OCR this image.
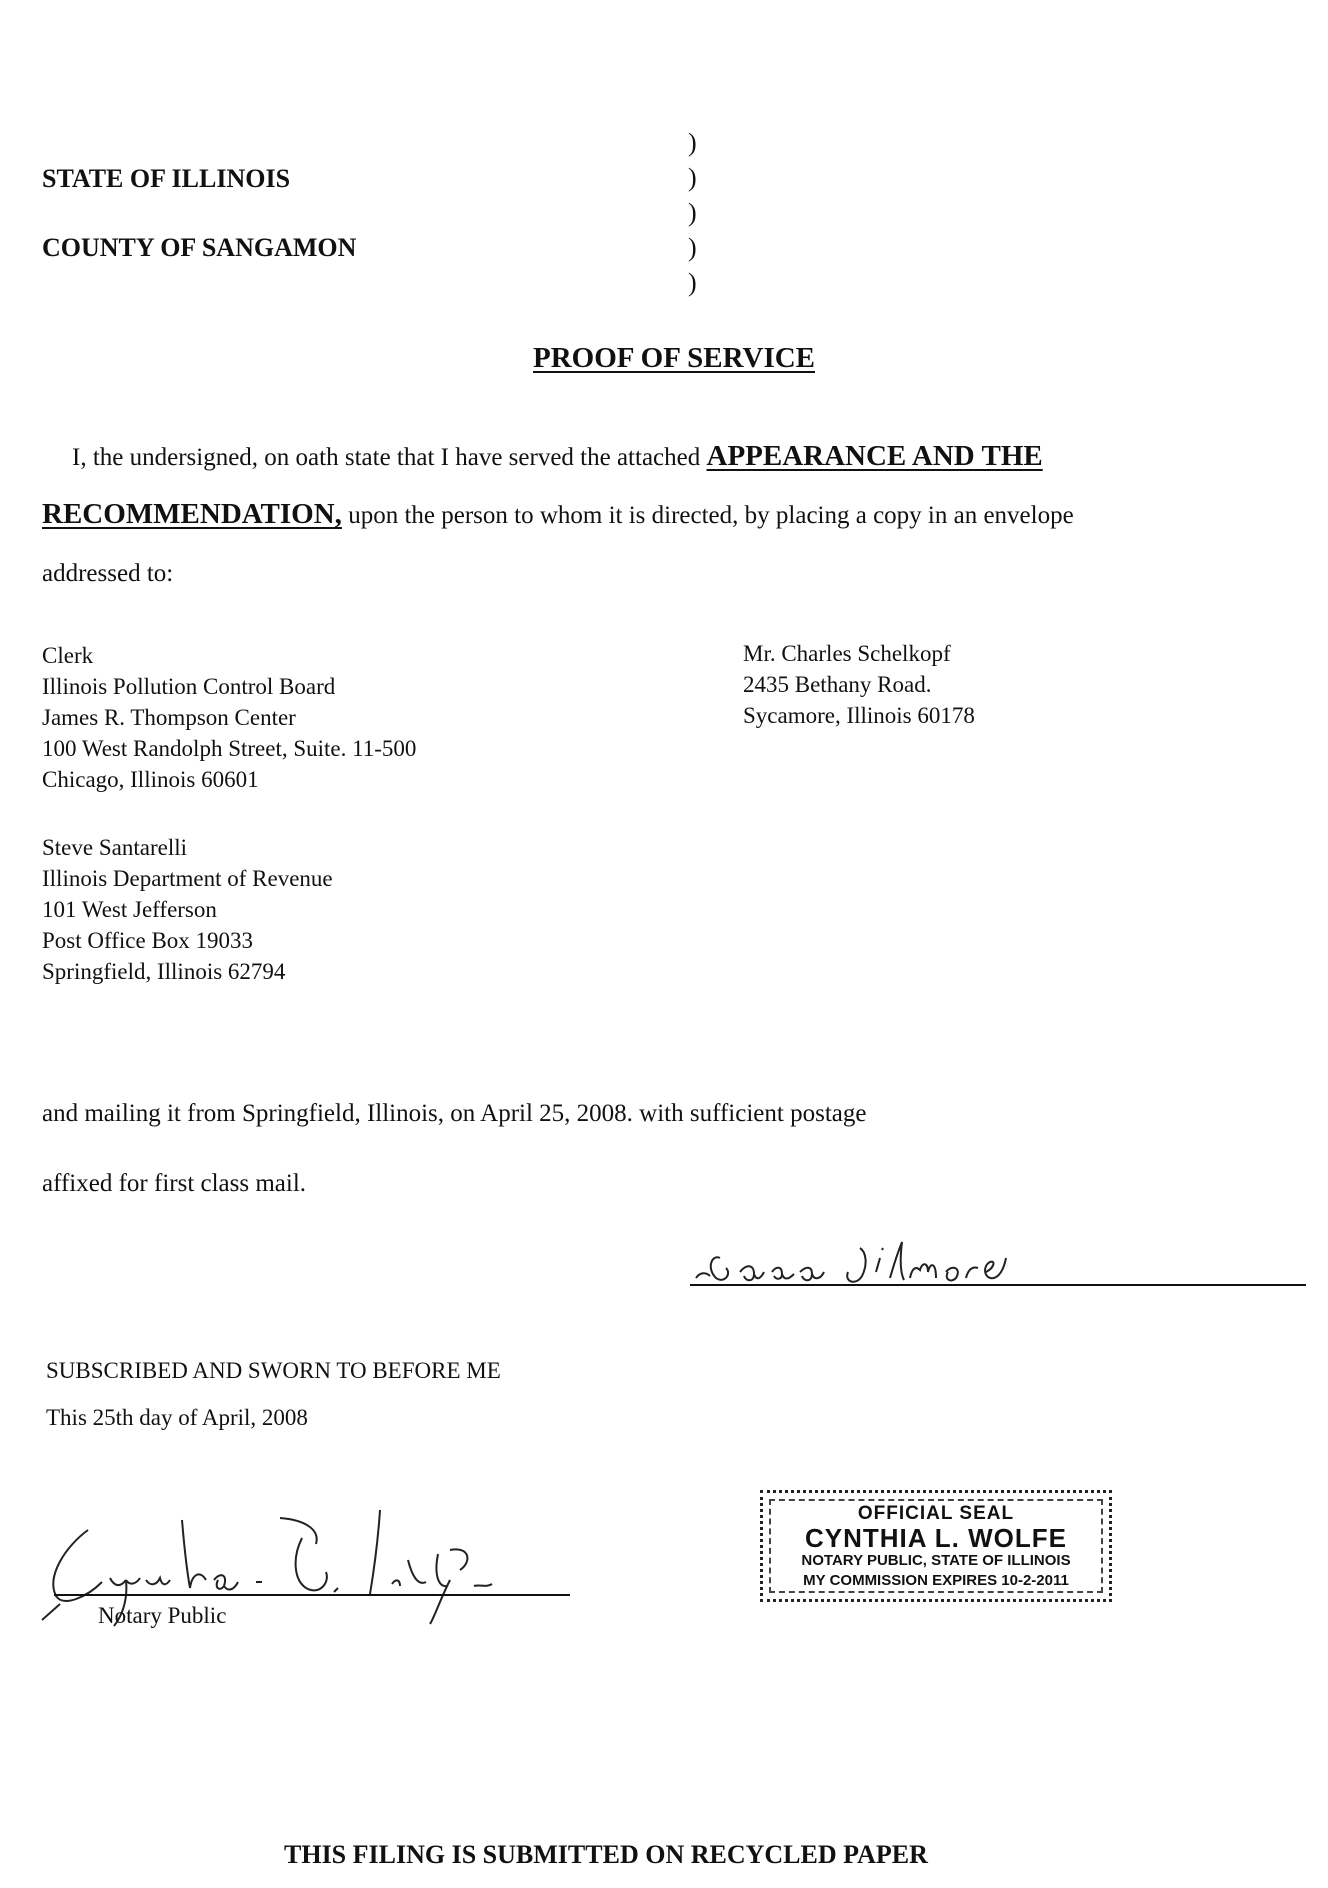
STATE OF ILLINOIS
COUNTY OF SANGAMON
)
)
)
)
)
PROOF OF SERVICE
I, the undersigned, on oath state that I have served the attached APPEARANCE AND THE
RECOMMENDATION, upon the person to whom it is directed, by placing a copy in an envelope
addressed to:
Clerk
Illinois Pollution Control Board
James R. Thompson Center
100 West Randolph Street, Suite. 11-500
Chicago, Illinois 60601
Mr. Charles Schelkopf
2435 Bethany Road.
Sycamore, Illinois 60178
Steve Santarelli
Illinois Department of Revenue
101 West Jefferson
Post Office Box 19033
Springfield, Illinois 62794
and mailing it from Springfield, Illinois, on April 25, 2008. with sufficient postage
affixed for first class mail.
SUBSCRIBED AND SWORN TO BEFORE ME
This 25th day of April, 2008
Notary Public
OFFICIAL SEAL
CYNTHIA L. WOLFE
NOTARY PUBLIC, STATE OF ILLINOIS
MY COMMISSION EXPIRES 10-2-2011
THIS FILING IS SUBMITTED ON RECYCLED PAPER
